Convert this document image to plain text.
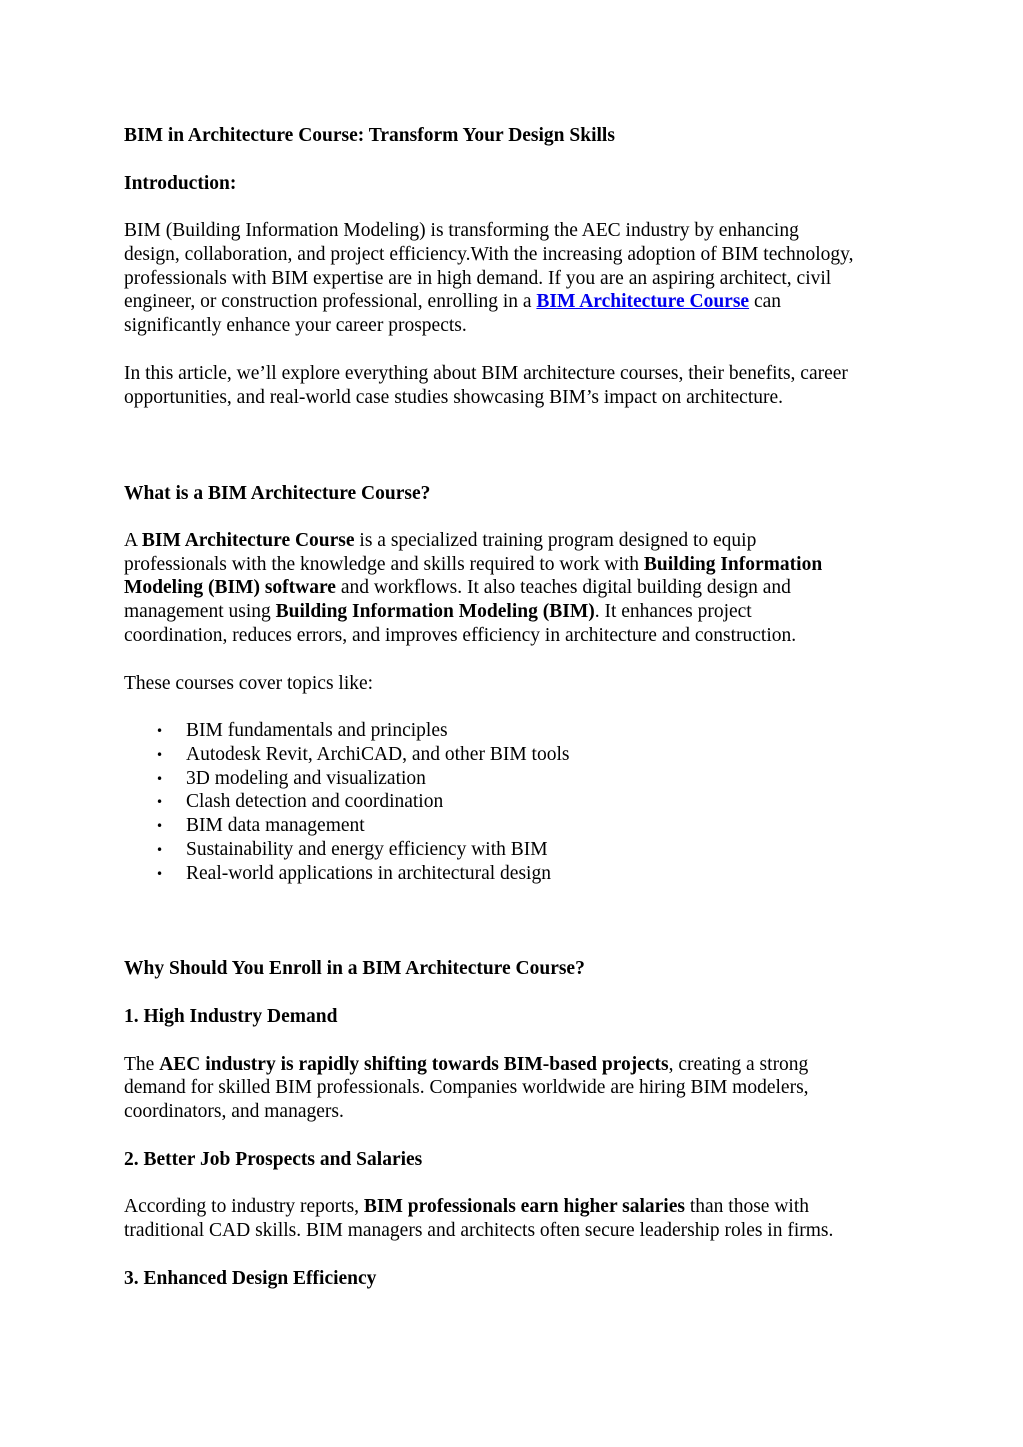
BIM in Architecture Course: Transform Your Design Skills
Introduction:
BIM (Building Information Modeling) is transforming the AEC industry by enhancing
design, collaboration, and project efficiency.With the increasing adoption of BIM technology,
professionals with BIM expertise are in high demand. If you are an aspiring architect, civil
engineer, or construction professional, enrolling in a BIM Architecture Course can
significantly enhance your career prospects.
In this article, we’ll explore everything about BIM architecture courses, their benefits, career
opportunities, and real-world case studies showcasing BIM’s impact on architecture.
What is a BIM Architecture Course?
A BIM Architecture Course is a specialized training program designed to equip
professionals with the knowledge and skills required to work with Building Information
Modeling (BIM) software and workflows. It also teaches digital building design and
management using Building Information Modeling (BIM). It enhances project
coordination, reduces errors, and improves efficiency in architecture and construction.
These courses cover topics like:
• BIM fundamentals and principles
• Autodesk Revit, ArchiCAD, and other BIM tools
• 3D modeling and visualization
• Clash detection and coordination
• BIM data management
• Sustainability and energy efficiency with BIM
• Real-world applications in architectural design
Why Should You Enroll in a BIM Architecture Course?
1. High Industry Demand
The AEC industry is rapidly shifting towards BIM-based projects, creating a strong
demand for skilled BIM professionals. Companies worldwide are hiring BIM modelers,
coordinators, and managers.
2. Better Job Prospects and Salaries
According to industry reports, BIM professionals earn higher salaries than those with
traditional CAD skills. BIM managers and architects often secure leadership roles in firms.
3. Enhanced Design Efficiency
